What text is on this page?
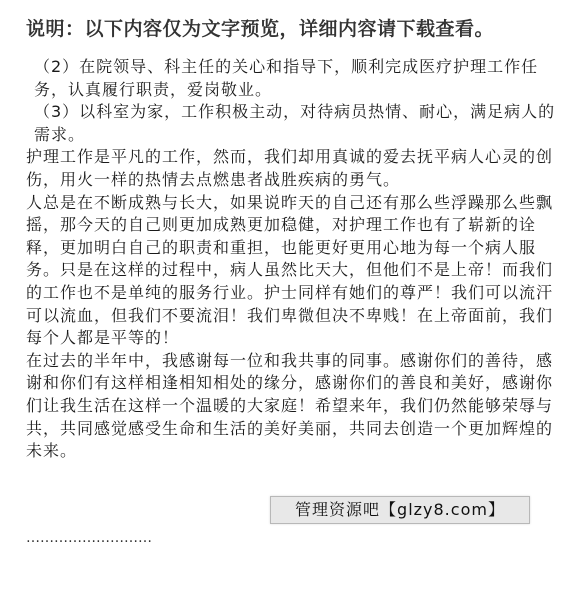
说明：以下内容仅为文字预览，详细内容请下载查看。

（2）在院领导、科主任的关心和指导下，顺利完成医疗护理工作任务，认真履行职责，爱岗敬业。

（3）以科室为家，工作积极主动，对待病员热情、耐心，满足病人的需求。

护理工作是平凡的工作，然而，我们却用真诚的爱去抚平病人心灵的创伤，用火一样的热情去点燃患者战胜疾病的勇气。

人总是在不断成熟与长大，如果说昨天的自己还有那么些浮躁那么些飘摇，那今天的自己则更加成熟更加稳健，对护理工作也有了崭新的诠释，更加明白自己的职责和重担，也能更好更用心地为每一个病人服务。只是在这样的过程中，病人虽然比天大，但他们不是上帝！而我们的工作也不是单纯的服务行业。护士同样有她们的尊严！我们可以流汗可以流血，但我们不要流泪！我们卑微但决不卑贱！在上帝面前，我们每个人都是平等的！

在过去的半年中，我感谢每一位和我共事的同事。感谢你们的善待，感谢和你们有这样相逢相知相处的缘分，感谢你们的善良和美好，感谢你们让我生活在这样一个温暖的大家庭！希望来年，我们仍然能够荣辱与共，共同感觉感受生命和生活的美好美丽，共同去创造一个更加辉煌的未来。

………………………
管理资源吧【glzy8.com】
